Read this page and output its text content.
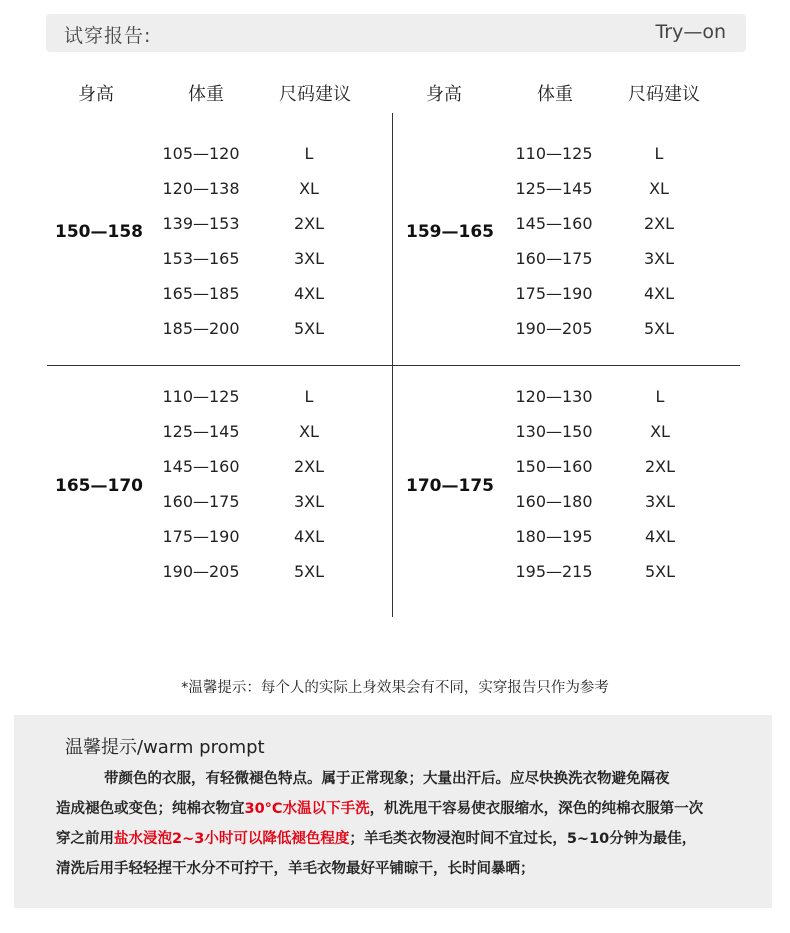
试穿报告:	Try—on
身高	体重	尺码建议	身高	体重	尺码建议
150—158
105—120	L
120—138	XL
139—153	2XL
153—165	3XL
165—185	4XL
185—200	5XL
159—165
110—125	L
125—145	XL
145—160	2XL
160—175	3XL
175—190	4XL
190—205	5XL
165—170
110—125	L
125—145	XL
145—160	2XL
160—175	3XL
175—190	4XL
190—205	5XL
170—175
120—130	L
130—150	XL
150—160	2XL
160—180	3XL
180—195	4XL
195—215	5XL
*温馨提示：每个人的实际上身效果会有不同，实穿报告只作为参考
温馨提示/warm prompt
带颜色的衣服，有轻微褪色特点。属于正常现象；大量出汗后。应尽快换洗衣物避免隔夜
造成褪色或变色；纯棉衣物宜30°C水温以下手洗，机洗甩干容易使衣服缩水，深色的纯棉衣服第一次
穿之前用盐水浸泡2~3小时可以降低褪色程度；羊毛类衣物浸泡时间不宜过长，5~10分钟为最佳，
清洗后用手轻轻捏干水分不可拧干，羊毛衣物最好平铺晾干，长时间暴晒；
